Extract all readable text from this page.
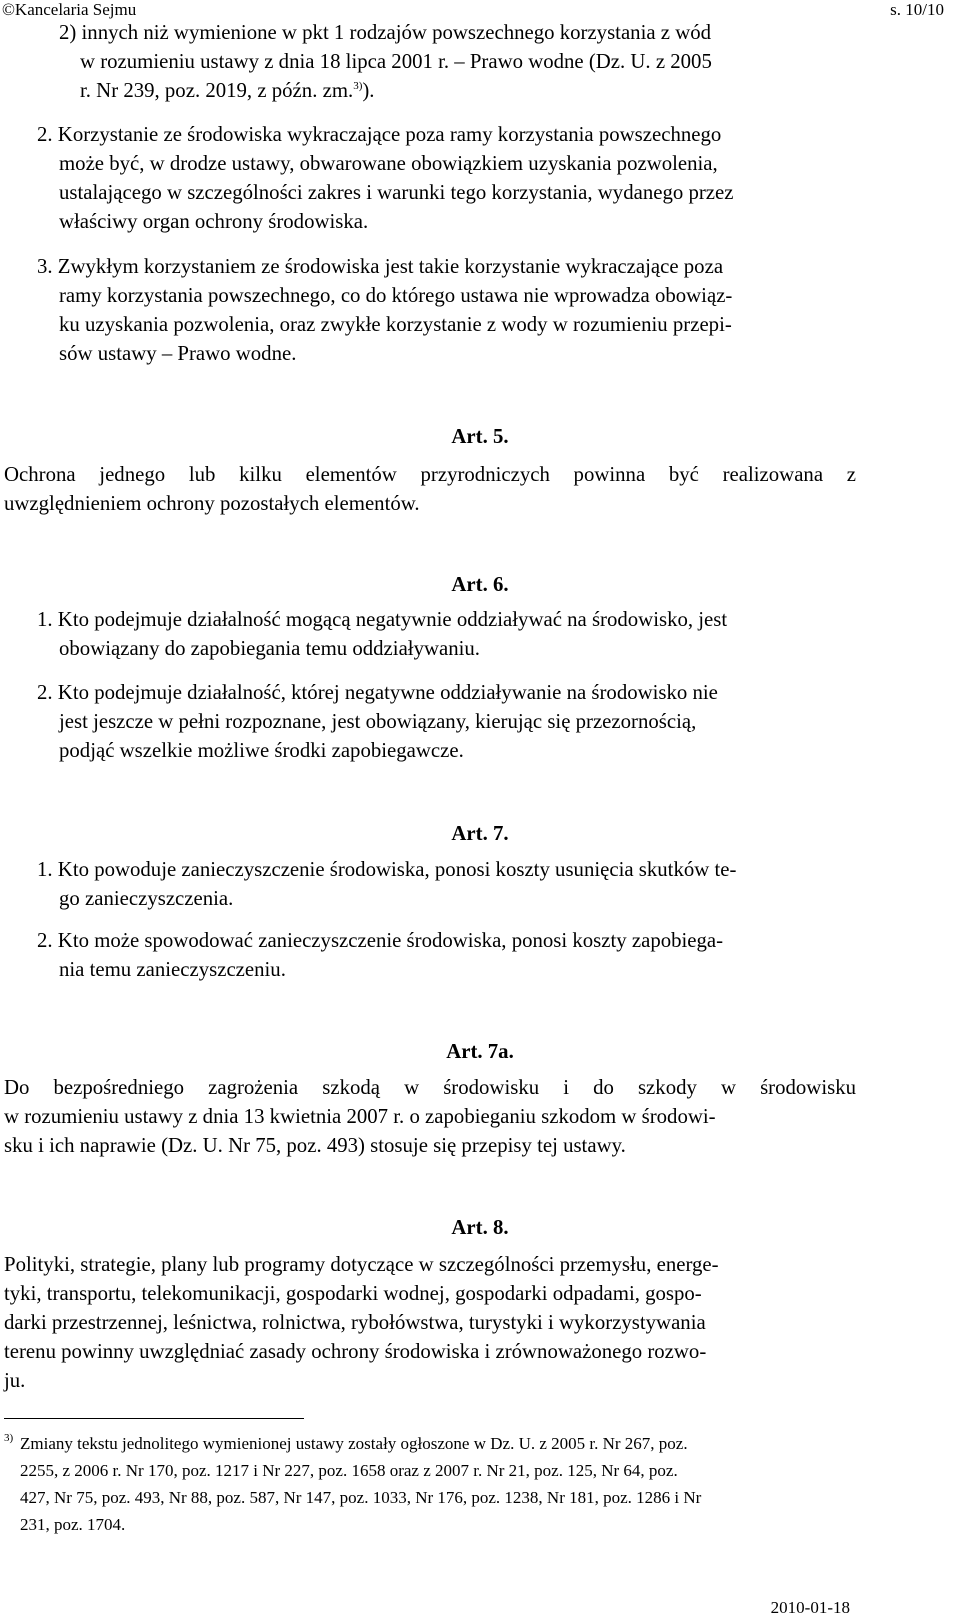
©Kancelaria Sejmu	s. 10/10
2) innych niż wymienione w pkt 1 rodzajów powszechnego korzystania z wód
w rozumieniu ustawy z dnia 18 lipca 2001 r. – Prawo wodne (Dz. U. z 2005
r. Nr 239, poz. 2019, z późn. zm.$^{3)}$).
2. Korzystanie ze środowiska wykraczające poza ramy korzystania powszechnego
może być, w drodze ustawy, obwarowane obowiązkiem uzyskania pozwolenia,
ustalającego w szczególności zakres i warunki tego korzystania, wydanego przez
właściwy organ ochrony środowiska.
3. Zwykłym korzystaniem ze środowiska jest takie korzystanie wykraczające poza
ramy korzystania powszechnego, co do którego ustawa nie wprowadza obowiąz-
ku uzyskania pozwolenia, oraz zwykłe korzystanie z wody w rozumieniu przepi-
sów ustawy – Prawo wodne.
Art. 5.
Ochrona jednego lub kilku elementów przyrodniczych powinna być realizowana z
uwzględnieniem ochrony pozostałych elementów.
Art. 6.
1. Kto podejmuje działalność mogącą negatywnie oddziaływać na środowisko, jest
obowiązany do zapobiegania temu oddziaływaniu.
2. Kto podejmuje działalność, której negatywne oddziaływanie na środowisko nie
jest jeszcze w pełni rozpoznane, jest obowiązany, kierując się przezornością,
podjąć wszelkie możliwe środki zapobiegawcze.
Art. 7.
1. Kto powoduje zanieczyszczenie środowiska, ponosi koszty usunięcia skutków te-
go zanieczyszczenia.
2. Kto może spowodować zanieczyszczenie środowiska, ponosi koszty zapobiega-
nia temu zanieczyszczeniu.
Art. 7a.
Do bezpośredniego zagrożenia szkodą w środowisku i do szkody w środowisku
w rozumieniu ustawy z dnia 13 kwietnia 2007 r. o zapobieganiu szkodom w środowi-
sku i ich naprawie (Dz. U. Nr 75, poz. 493) stosuje się przepisy tej ustawy.
Art. 8.
Polityki, strategie, plany lub programy dotyczące w szczególności przemysłu, energe-
tyki, transportu, telekomunikacji, gospodarki wodnej, gospodarki odpadami, gospo-
darki przestrzennej, leśnictwa, rolnictwa, rybołówstwa, turystyki i wykorzystywania
terenu powinny uwzględniać zasady ochrony środowiska i zrównoważonego rozwo-
ju.
3) Zmiany tekstu jednolitego wymienionej ustawy zostały ogłoszone w Dz. U. z 2005 r. Nr 267, poz.
2255, z 2006 r. Nr 170, poz. 1217 i Nr 227, poz. 1658 oraz z 2007 r. Nr 21, poz. 125, Nr 64, poz.
427, Nr 75, poz. 493, Nr 88, poz. 587, Nr 147, poz. 1033, Nr 176, poz. 1238, Nr 181, poz. 1286 i Nr
231, poz. 1704.
2010-01-18
